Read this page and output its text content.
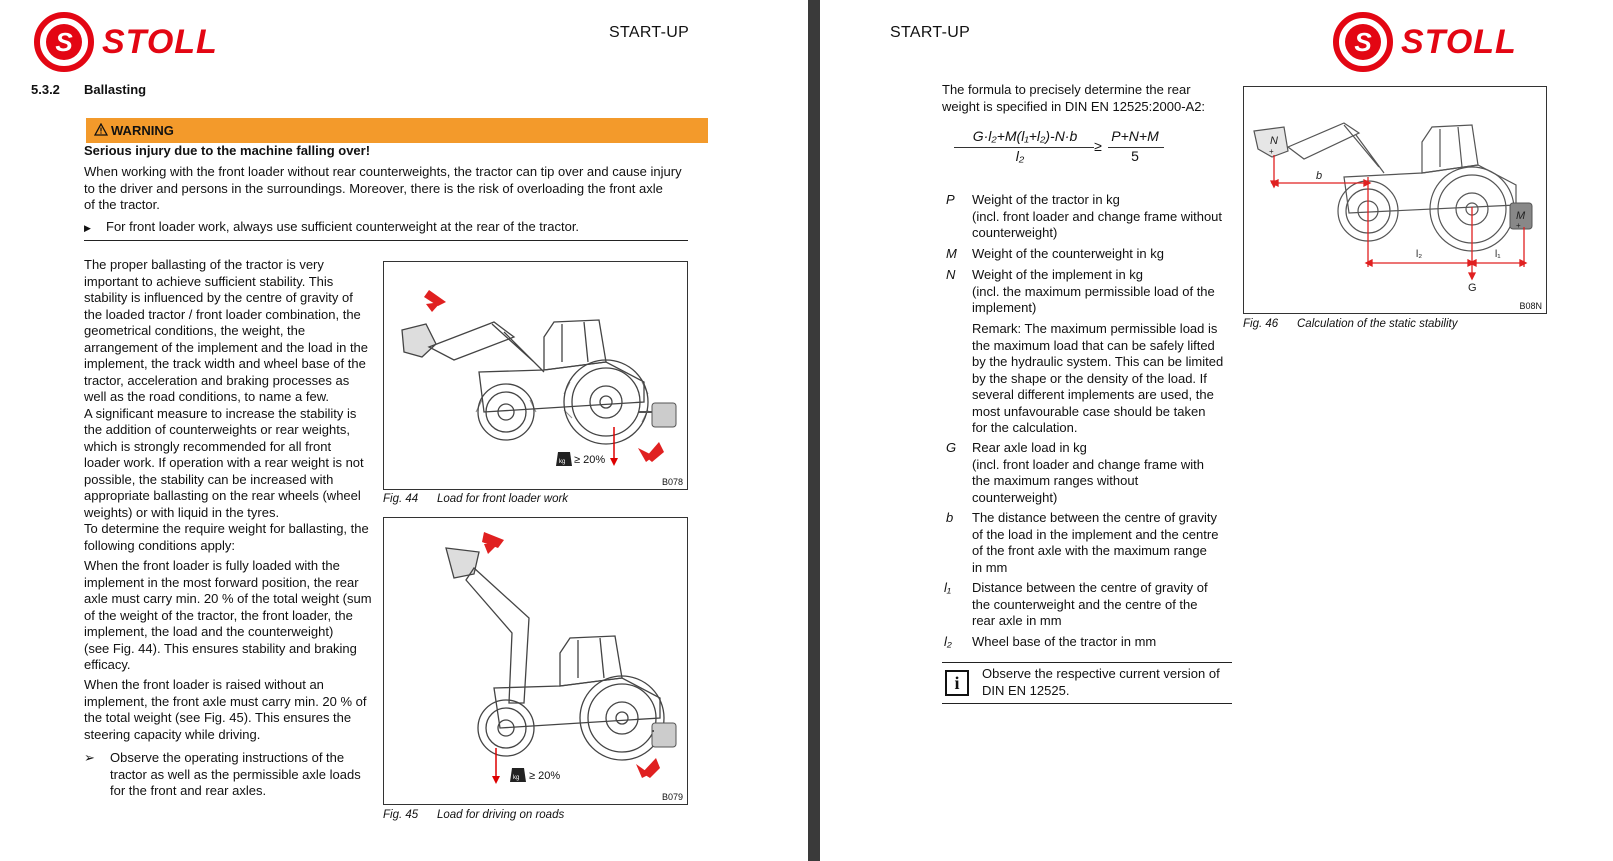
S STOLL	START-UP
5.3.2 Ballasting
WARNING
Serious injury due to the machine falling over!
When working with the front loader without rear counterweights, the tractor can tip over and cause injury
to the driver and persons in the surroundings. Moreover, there is the risk of overloading the front axle
of the tractor.
▶ For front loader work, always use sufficient counterweight at the rear of the tractor.
The proper ballasting of the tractor is very
important to achieve sufficient stability. This
stability is influenced by the centre of gravity of
the loaded tractor / front loader combination, the
geometrical conditions, the weight, the
arrangement of the implement and the load in the
implement, the track width and wheel base of the
tractor, acceleration and braking processes as
well as the road conditions, to name a few.
A significant measure to increase the stability is
the addition of counterweights or rear weights,
which is strongly recommended for all front
loader work. If operation with a rear weight is not
possible, the stability can be increased with
appropriate ballasting on the rear wheels (wheel
weights) or with liquid in the tyres.
To determine the require weight for ballasting, the
following conditions apply:
When the front loader is fully loaded with the
implement in the most forward position, the rear
axle must carry min. 20 % of the total weight (sum
of the weight of the tractor, the front loader, the
implement, the load and the counterweight)
(see Fig. 44). This ensures stability and braking
efficacy.
When the front loader is raised without an
implement, the front axle must carry min. 20 % of
the total weight (see Fig. 45). This ensures the
steering capacity while driving.
➢ Observe the operating instructions of the
tractor as well as the permissible axle loads
for the front and rear axles.
kg ≥ 20%
B078
Fig. 44 Load for front loader work
kg ≥ 20%
B079
Fig. 45 Load for driving on roads
START-UP	S STOLL
The formula to precisely determine the rear
weight is specified in DIN EN 12525:2000-A2:
G·l₂+M(l₁+l₂)-N·b
l₂
≥
P+N+M
5
P Weight of the tractor in kg
(incl. front loader and change frame without
counterweight)
M Weight of the counterweight in kg
N Weight of the implement in kg
(incl. the maximum permissible load of the
implement)
Remark: The maximum permissible load is
the maximum load that can be safely lifted
by the hydraulic system. This can be limited
by the shape or the density of the load. If
several different implements are used, the
most unfavourable case should be taken
for the calculation.
G Rear axle load in kg
(incl. front loader and change frame with
the maximum ranges without
counterweight)
b The distance between the centre of gravity
of the load in the implement and the centre
of the front axle with the maximum range
in mm
l₁ Distance between the centre of gravity of
the counterweight and the centre of the
rear axle in mm
l₂ Wheel base of the tractor in mm
i	Observe the respective current version of
DIN EN 12525.
M
+
N
+
b
l₂	l₁
G
B08N
Fig. 46 Calculation of the static stability
